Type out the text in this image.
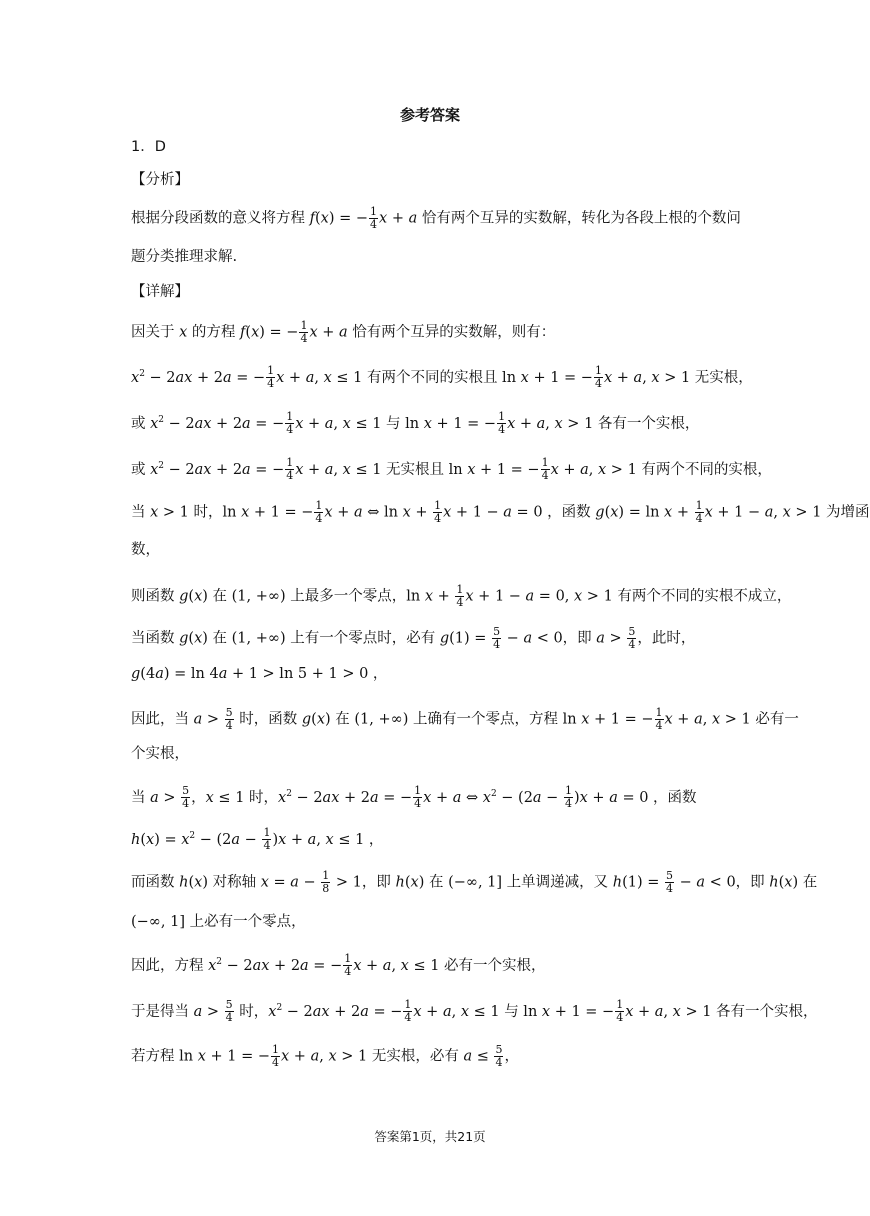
参考答案
1．D
【分析】
根据分段函数的意义将方程 f(x) = − $\frac{1}{4}$ x + a 恰有两个互异的实数解，转化为各段上根的个数问
题分类推理求解.
【详解】
因关于 x 的方程 f(x) = − $\frac{1}{4}$ x + a 恰有两个互异的实数解，则有：
$x^2 - 2ax + 2a$ = − $\frac{1}{4}$ x + a, x ≤ 1 有两个不同的实根且 ln x + 1 = − $\frac{1}{4}$ x + a, x > 1 无实根，
或 $x^2 - 2ax + 2a$ = − $\frac{1}{4}$ x + a, x ≤ 1 与 ln x + 1 = − $\frac{1}{4}$ x + a, x > 1 各有一个实根，
或 $x^2 - 2ax + 2a$ = − $\frac{1}{4}$ x + a, x ≤ 1 无实根且 ln x + 1 = − $\frac{1}{4}$ x + a, x > 1 有两个不同的实根，
当 x > 1 时，ln x + 1 = − $\frac{1}{4}$ x + a ⇔ $\ln x + \frac{1}{4}$ x + 1 − a = 0 ，函数 $g(x) = \ln x + \frac{1}{4}$ x + 1 − a, x > 1 为增函
数，
则函数 g(x) 在 (1, +∞) 上最多一个零点，$\ln x + \frac{1}{4}$ x + 1 − a = 0, x > 1 有两个不同的实根不成立，
当函数 g(x) 在 (1, +∞) 上有一个零点时，必有 $g(1) = \frac{5}{4} - a < 0$，即 $a > \frac{5}{4}$ ，此时，
g(4a) = ln 4a + 1 > ln 5 + 1 > 0 ，
因此，当 $a > \frac{5}{4}$ 时，函数 g(x) 在 (1, +∞) 上确有一个零点，方程 ln x + 1 = − $\frac{1}{4}$ x + a, x > 1 必有一
个实根，
当 $a > \frac{5}{4}$ ，x ≤ 1 时，$x^2 - 2ax + 2a$ = − $\frac{1}{4}$ x + a ⇔ $x^2 - (2a - \frac{1}{4} )x + a = 0$ ，函数
$h(x) = x^2 - (2a - \frac{1}{4} )x + a$, x ≤ 1 ，
而函数 h(x) 对称轴 $x = a - \frac{1}{8} > 1$，即 h(x) 在 (−∞, 1] 上单调递减，又 $h(1) = \frac{5}{4} - a < 0$，即 h(x) 在
(−∞, 1] 上必有一个零点，
因此，方程 $x^2 - 2ax + 2a$ = − $\frac{1}{4}$ x + a, x ≤ 1 必有一个实根，
于是得当 $a > \frac{5}{4}$ 时，$x^2 - 2ax + 2a$ = − $\frac{1}{4}$ x + a, x ≤ 1 与 ln x + 1 = − $\frac{1}{4}$ x + a, x > 1 各有一个实根，
若方程 ln x + 1 = − $\frac{1}{4}$ x + a, x > 1 无实根，必有 $a \le \frac{5}{4}$ ，
答案第1页，共21页
